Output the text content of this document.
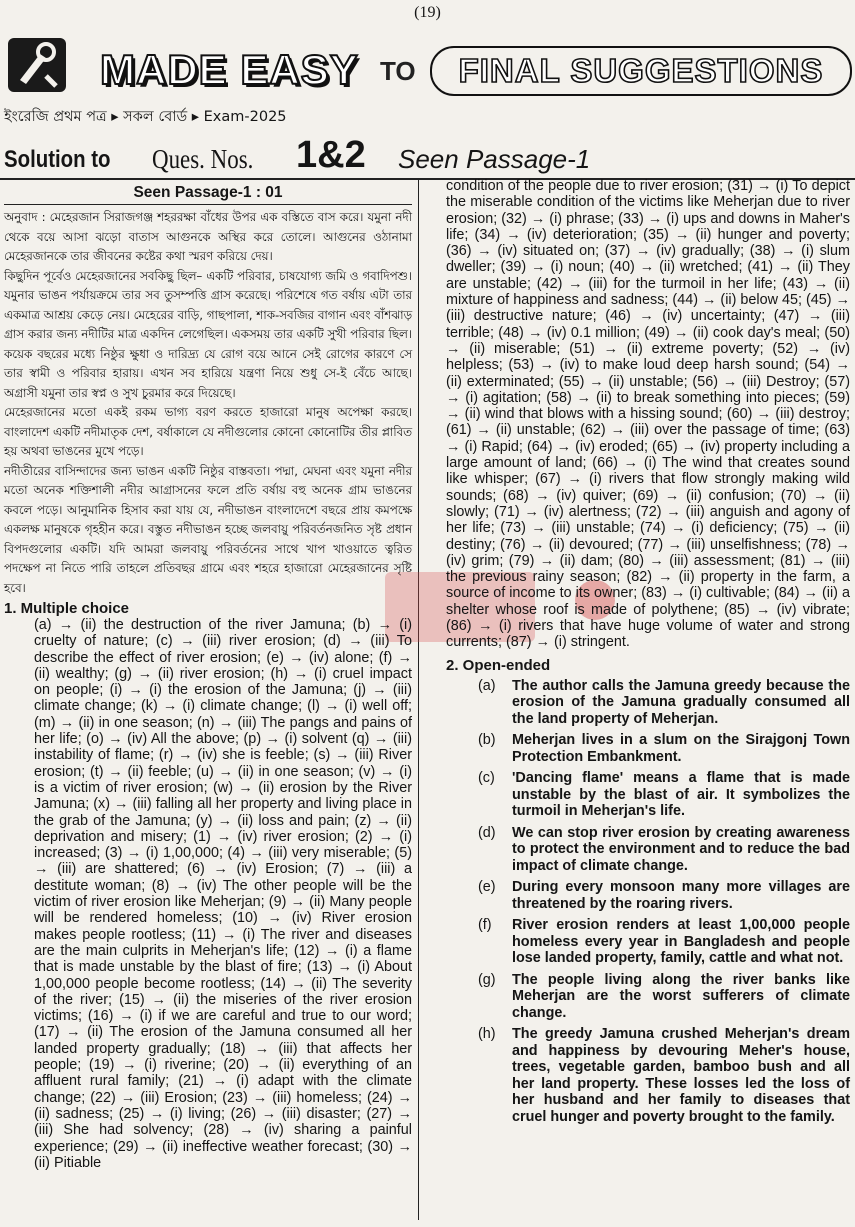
(19)
MADE EASY TO	FINAL SUGGESTIONS
ইংরেজি প্রথম পত্র ▸ সকল বোর্ড ▸ Exam-2025
Solution to Ques. Nos. 1&2 Seen Passage-1
Seen Passage-1 : 01

অনুবাদ : মেহেরজান সিরাজগঞ্জ শহররক্ষা বাঁধের উপর এক বস্তিতে বাস করে। যমুনা নদী থেকে বয়ে আসা ঝড়ো বাতাস আগুনকে অস্থির করে তোলে। আগুনের ওঠানামা মেহেরজানকে তার জীবনের কষ্টের কথা স্মরণ করিয়ে দেয়।

কিছুদিন পূর্বেও মেহেরজানের সবকিছু ছিল– একটি পরিবার, চাষযোগ্য জমি ও গবাদিপশু। যমুনার ভাঙন পর্যায়ক্রমে তার সব তুসম্পত্তি গ্রাস করেছে। পরিশেষে গত বর্ষায় এটা তার একমাত্র আশ্রয় কেড়ে নেয়। মেহেরের বাড়ি, গাছপালা, শাক-সবজির বাগান এবং বাঁশঝাড় গ্রাস করার জন্য নদীটির মাত্র একদিন লেগেছিল। একসময় তার একটি সুখী পরিবার ছিল। কয়েক বছরের মধ্যে নিষ্ঠুর ক্ষুধা ও দারিদ্র্য যে রোগ বয়ে আনে সেই রোগের কারণে সে তার স্বামী ও পরিবার হারায়। এখন সব হারিয়ে যন্ত্রণা নিয়ে শুধু সে-ই বেঁচে আছে। অগ্রাসী যমুনা তার স্বপ্ন ও সুখ চুরমার করে দিয়েছে।

মেহেরজানের মতো একই রকম ভাগ্য বরণ করতে হাজারো মানুষ অপেক্ষা করছে। বাংলাদেশ একটি নদীমাতৃক দেশ, বর্ষাকালে যে নদীগুলোর কোনো কোনোটির তীর প্লাবিত হয় অথবা ভাঙনের মুখে পড়ে।

নদীতীরের বাসিন্দাদের জন্য ভাঙন একটি নিষ্ঠুর বাস্তবতা। পদ্মা, মেঘনা এবং যমুনা নদীর মতো অনেক শক্তিশালী নদীর আগ্রাসনের ফলে প্রতি বর্ষায় বহু অনেক গ্রাম ভাঙনের কবলে পড়ে। আনুমানিক হিসাব করা যায় যে, নদীভাঙন বাংলাদেশে বছরে প্রায় কমপক্ষে একলক্ষ মানুষকে গৃহহীন করে। বস্তুত নদীভাঙন হচ্ছে জলবায়ু পরিবর্তনজনিত সৃষ্ট প্রধান বিপদগুলোর একটি। যদি আমরা জলবায়ু পরিবর্তনের সাথে খাপ খাওয়াতে ত্বরিত পদক্ষেপ না নিতে পারি তাহলে প্রতিবছর গ্রামে এবং শহরে হাজারো মেহেরজানের সৃষ্টি হবে।

1. Multiple choice

(a) → (ii) the destruction of the river Jamuna; (b) → (i) cruelty of nature; (c) → (iii) river erosion; (d) → (iii) To describe the effect of river erosion; (e) → (iv) alone; (f) → (ii) wealthy; (g) → (ii) river erosion; (h) → (i) cruel impact on people; (i) → (i) the erosion of the Jamuna; (j) → (iii) climate change; (k) → (i) climate change; (l) → (i) well off; (m) → (ii) in one season; (n) → (iii) The pangs and pains of her life; (o) → (iv) All the above; (p) → (i) solvent (q) → (iii) instability of flame; (r) → (iv) she is feeble; (s) → (iii) River erosion; (t) → (ii) feeble; (u) → (ii) in one season; (v) → (i) is a victim of river erosion; (w) → (ii) erosion by the River Jamuna; (x) → (iii) falling all her property and living place in the grab of the Jamuna; (y) → (ii) loss and pain; (z) → (ii) deprivation and misery; (1) → (iv) river erosion; (2) → (i) increased; (3) → (i) 1,00,000; (4) → (iii) very miserable; (5) → (iii) are shattered; (6) → (iv) Erosion; (7) → (iii) a destitute woman; (8) → (iv) The other people will be the victim of river erosion like Meherjan; (9) → (ii) Many people will be rendered homeless; (10) → (iv) River erosion makes people rootless; (11) → (i) The river and diseases are the main culprits in Meherjan's life; (12) → (i) a flame that is made unstable by the blast of fire; (13) → (i) About 1,00,000 people become rootless; (14) → (ii) The severity of the river; (15) → (ii) the miseries of the river erosion victims; (16) → (i) if we are careful and true to our word; (17) → (ii) The erosion of the Jamuna consumed all her landed property gradually; (18) → (iii) that affects her people; (19) → (i) riverine; (20) → (ii) everything of an affluent rural family; (21) → (i) adapt with the climate change; (22) → (iii) Erosion; (23) → (iii) homeless; (24) → (ii) sadness; (25) → (i) living; (26) → (iii) disaster; (27) → (iii) She had solvency; (28) → (iv) sharing a painful experience; (29) → (ii) ineffective weather forecast; (30) → (ii) Pitiable

condition of the people due to river erosion; (31) → (i) To depict the miserable condition of the victims like Meherjan due to river erosion; (32) → (i) phrase; (33) → (i) ups and downs in Maher's life; (34) → (iv) deterioration; (35) → (ii) hunger and poverty; (36) → (iv) situated on; (37) → (iv) gradually; (38) → (i) slum dweller; (39) → (i) noun; (40) → (ii) wretched; (41) → (ii) They are unstable; (42) → (iii) for the turmoil in her life; (43) → (ii) mixture of happiness and sadness; (44) → (ii) below 45; (45) → (iii) destructive nature; (46) → (iv) uncertainty; (47) → (iii) terrible; (48) → (iv) 0.1 million; (49) → (ii) cook day's meal; (50) → (ii) miserable; (51) → (ii) extreme poverty; (52) → (iv) helpless; (53) → (iv) to make loud deep harsh sound; (54) → (ii) exterminated; (55) → (ii) unstable; (56) → (iii) Destroy; (57) → (i) agitation; (58) → (ii) to break something into pieces; (59) → (ii) wind that blows with a hissing sound; (60) → (iii) destroy; (61) → (ii) unstable; (62) → (iii) over the passage of time; (63) → (i) Rapid; (64) → (iv) eroded; (65) → (iv) property including a large amount of land; (66) → (i) The wind that creates sound like whisper; (67) → (i) rivers that flow strongly making wild sounds; (68) → (iv) quiver; (69) → (ii) confusion; (70) → (ii) slowly; (71) → (iv) alertness; (72) → (iii) anguish and agony of her life; (73) → (iii) unstable; (74) → (i) deficiency; (75) → (ii) destiny; (76) → (ii) devoured; (77) → (iii) unselfishness; (78) → (iv) grim; (79) → (ii) dam; (80) → (iii) assessment; (81) → (iii) the previous rainy season; (82) → (ii) property in the farm, a source of income to its owner; (83) → (i) cultivable; (84) → (ii) a shelter whose roof is made of polythene; (85) → (iv) vibrate; (86) → (i) rivers that have huge volume of water and strong currents; (87) → (i) stringent.

2. Open-ended
(a)	The author calls the Jamuna greedy because the erosion of the Jamuna gradually consumed all the land property of Meherjan.
(b)	Meherjan lives in a slum on the Sirajgonj Town Protection Embankment.
(c)	'Dancing flame' means a flame that is made unstable by the blast of air. It symbolizes the turmoil in Meherjan's life.
(d)	We can stop river erosion by creating awareness to protect the environment and to reduce the bad impact of climate change.
(e)	During every monsoon many more villages are threatened by the roaring rivers.
(f)	River erosion renders at least 1,00,000 people homeless every year in Bangladesh and people lose landed property, family, cattle and what not.
(g)	The people living along the river banks like Meherjan are the worst sufferers of climate change.
(h)	The greedy Jamuna crushed Meherjan's dream and happiness by devouring Meher's house, trees, vegetable garden, bamboo bush and all her land property. These losses led the loss of her husband and her family to diseases that cruel hunger and poverty brought to the family.
